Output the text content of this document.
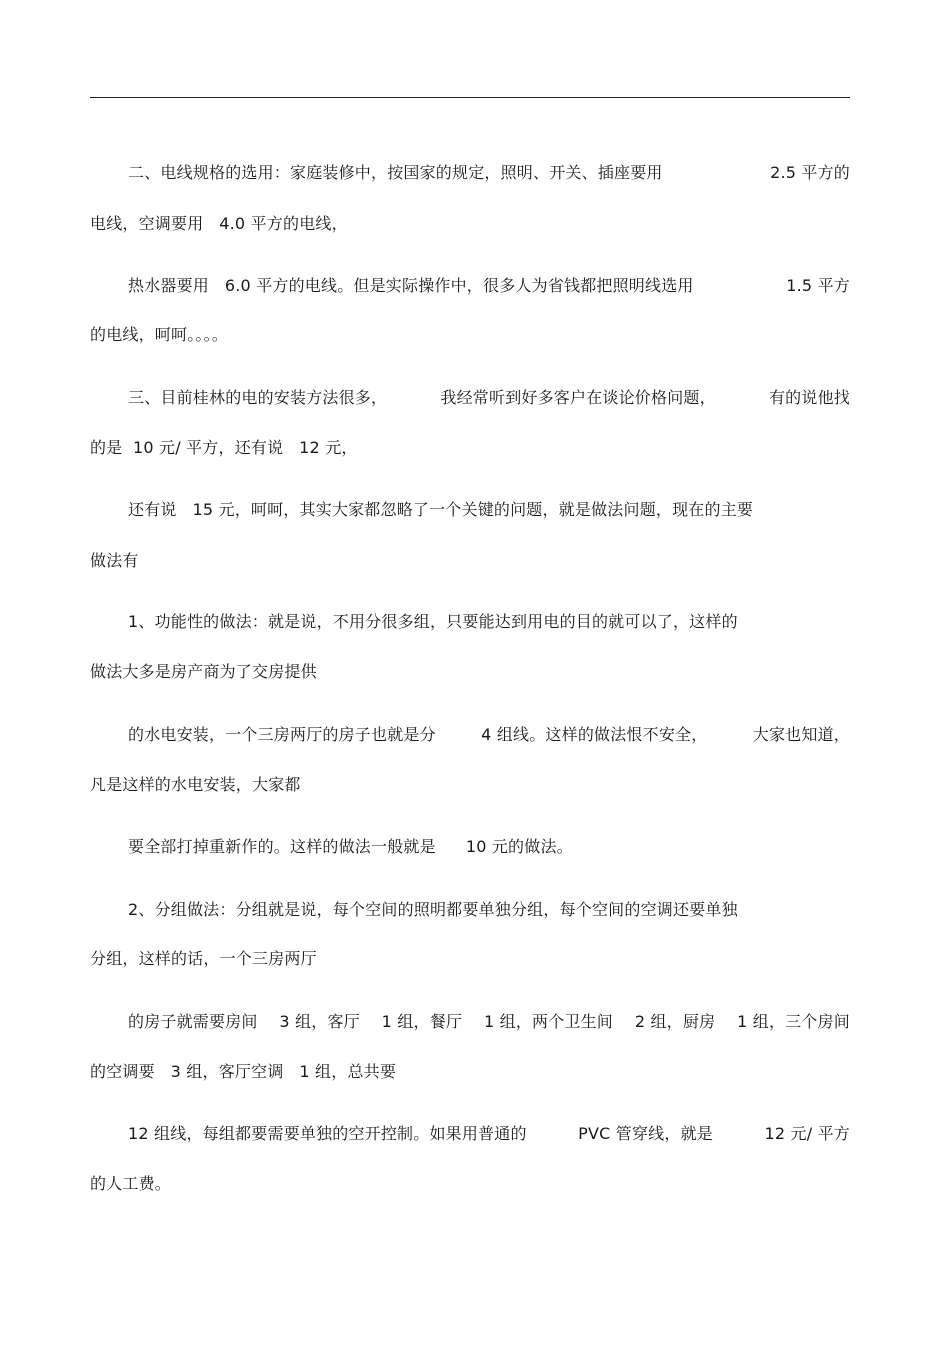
二、电线规格的选用：家庭装修中，按国家的规定，照明、开关、插座要用	2.5 平方的
电线，空调要用   4.0 平方的电线，
热水器要用   6.0 平方的电线。但是实际操作中，很多人为省钱都把照明线选用	1.5 平方
的电线，呵呵。。。。
三、目前桂林的电的安装方法很多，	我经常听到好多客户在谈论价格问题，	有的说他找
的是  10 元/ 平方，还有说   12 元，
还有说   15 元，呵呵，其实大家都忽略了一个关键的问题，就是做法问题，现在的主要
做法有
1、功能性的做法：就是说，不用分很多组，只要能达到用电的目的就可以了，这样的
做法大多是房产商为了交房提供
的水电安装，一个三房两厅的房子也就是分	4 组线。这样的做法恨不安全，	大家也知道，
凡是这样的水电安装，大家都
要全部打掉重新作的。这样的做法一般就是 10 元的做法。
2、分组做法：分组就是说，每个空间的照明都要单独分组，每个空间的空调还要单独
分组，这样的话，一个三房两厅
的房子就需要房间 3 组，客厅 1 组，餐厅 1 组，两个卫生间 2 组，厨房 1 组，三个房间
的空调要   3 组，客厅空调   1 组，总共要
12 组线，每组都要需要单独的空开控制。如果用普通的	PVC 管穿线，就是	12 元/ 平方
的人工费。
